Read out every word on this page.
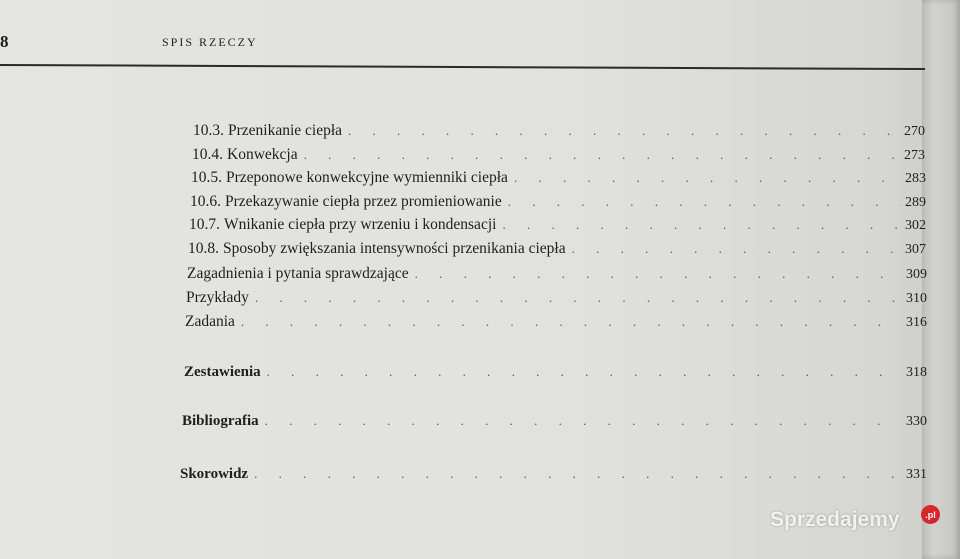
8	SPIS RZECZY
10.3. Przenikanie ciepła . . .	270
10.4. Konwekcja . . .	273
10.5. Przeponowe konwekcyjne wymienniki ciepła . . .	283
10.6. Przekazywanie ciepła przez promieniowanie . . .	289
10.7. Wnikanie ciepła przy wrzeniu i kondensacji . . .	302
10.8. Sposoby zwiększania intensywności przenikania ciepła . . .	307
Zagadnienia i pytania sprawdzające . . .	309
Przykłady . . .	310
Zadania . . .	316
Zestawienia . . .	318
Bibliografia . . .	330
Skorowidz . . .	331
Sprzedajemy	.pl
